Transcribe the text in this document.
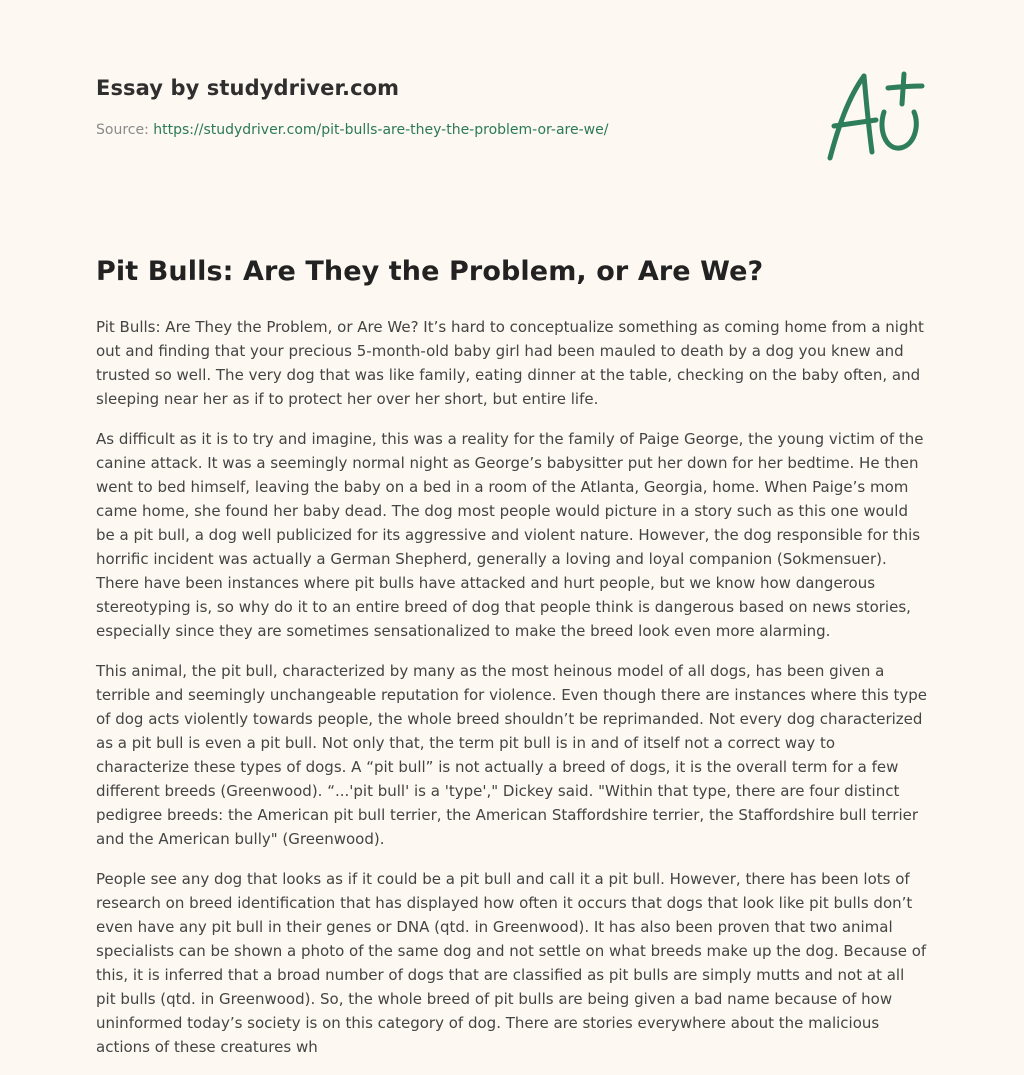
Essay by studydriver.com
Source: https://studydriver.com/pit-bulls-are-they-the-problem-or-are-we/
Pit Bulls: Are They the Problem, or Are We?

Pit Bulls: Are They the Problem, or Are We? It’s hard to conceptualize something as coming home from a night out and finding that your precious 5-month-old baby girl had been mauled to death by a dog you knew and trusted so well. The very dog that was like family, eating dinner at the table, checking on the baby often, and sleeping near her as if to protect her over her short, but entire life.

As difficult as it is to try and imagine, this was a reality for the family of Paige George, the young victim of the canine attack. It was a seemingly normal night as George’s babysitter put her down for her bedtime. He then went to bed himself, leaving the baby on a bed in a room of the Atlanta, Georgia, home. When Paige’s mom came home, she found her baby dead. The dog most people would picture in a story such as this one would be a pit bull, a dog well publicized for its aggressive and violent nature. However, the dog responsible for this horrific incident was actually a German Shepherd, generally a loving and loyal companion (Sokmensuer). There have been instances where pit bulls have attacked and hurt people, but we know how dangerous stereotyping is, so why do it to an entire breed of dog that people think is dangerous based on news stories, especially since they are sometimes sensationalized to make the breed look even more alarming.

This animal, the pit bull, characterized by many as the most heinous model of all dogs, has been given a terrible and seemingly unchangeable reputation for violence. Even though there are instances where this type of dog acts violently towards people, the whole breed shouldn’t be reprimanded. Not every dog characterized as a pit bull is even a pit bull. Not only that, the term pit bull is in and of itself not a correct way to characterize these types of dogs. A “pit bull” is not actually a breed of dogs, it is the overall term for a few different breeds (Greenwood). “...'pit bull' is a 'type'," Dickey said. "Within that type, there are four distinct pedigree breeds: the American pit bull terrier, the American Staffordshire terrier, the Staffordshire bull terrier and the American bully" (Greenwood).

People see any dog that looks as if it could be a pit bull and call it a pit bull. However, there has been lots of research on breed identification that has displayed how often it occurs that dogs that look like pit bulls don’t even have any pit bull in their genes or DNA (qtd. in Greenwood). It has also been proven that two animal specialists can be shown a photo of the same dog and not settle on what breeds make up the dog. Because of this, it is inferred that a broad number of dogs that are classified as pit bulls are simply mutts and not at all pit bulls (qtd. in Greenwood). So, the whole breed of pit bulls are being given a bad name because of how uninformed today’s society is on this category of dog. There are stories everywhere about the malicious actions of these creatures wh
